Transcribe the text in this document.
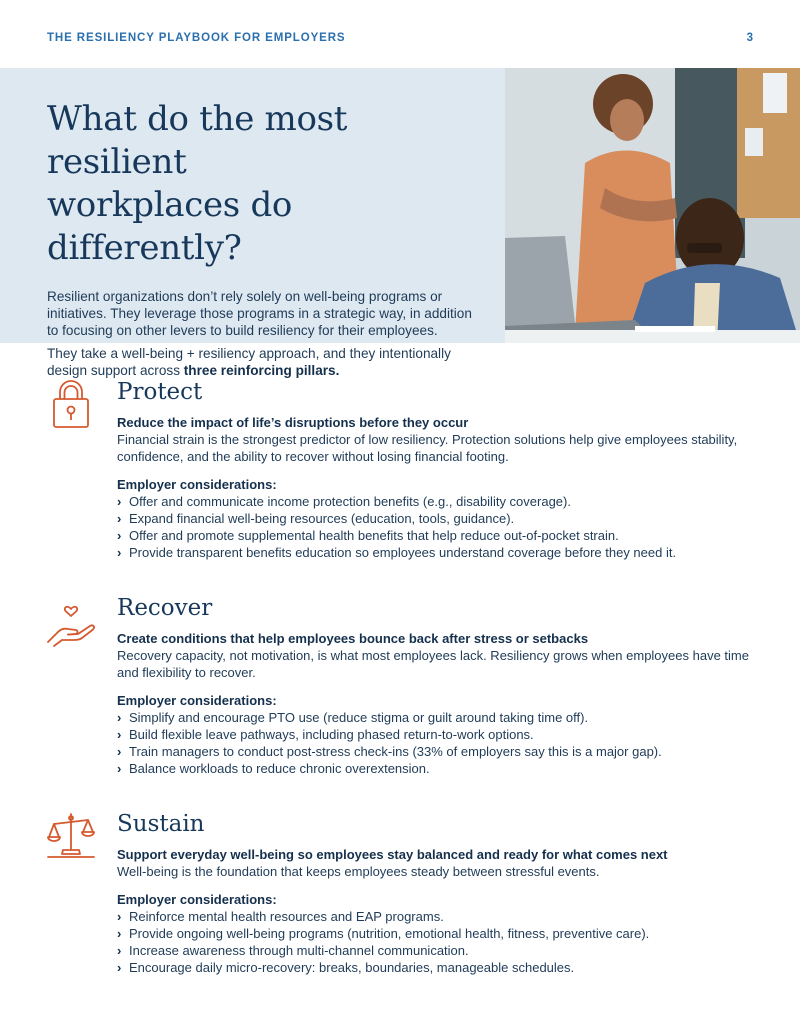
THE RESILIENCY PLAYBOOK FOR EMPLOYERS	3
What do the most resilient
workplaces do differently?

Resilient organizations don’t rely solely on well-being programs or initiatives. They leverage those programs in a strategic way, in addition to focusing on other levers to build resiliency for their employees.

They take a well-being + resiliency approach, and they intentionally design support across three reinforcing pillars.

Protect
Reduce the impact of life’s disruptions before they occur
Financial strain is the strongest predictor of low resiliency. Protection solutions help give employees stability, confidence, and the ability to recover without losing financial footing.
Employer considerations:
› Offer and communicate income protection benefits (e.g., disability coverage).
› Expand financial well-being resources (education, tools, guidance).
› Offer and promote supplemental health benefits that help reduce out-of-pocket strain.
› Provide transparent benefits education so employees understand coverage before they need it.
Recover
Create conditions that help employees bounce back after stress or setbacks
Recovery capacity, not motivation, is what most employees lack. Resiliency grows when employees have time and flexibility to recover.
Employer considerations:
› Simplify and encourage PTO use (reduce stigma or guilt around taking time off).
› Build flexible leave pathways, including phased return-to-work options.
› Train managers to conduct post-stress check-ins (33% of employers say this is a major gap).
› Balance workloads to reduce chronic overextension.
Sustain
Support everyday well-being so employees stay balanced and ready for what comes next
Well-being is the foundation that keeps employees steady between stressful events.
Employer considerations:
› Reinforce mental health resources and EAP programs.
› Provide ongoing well-being programs (nutrition, emotional health, fitness, preventive care).
› Increase awareness through multi-channel communication.
› Encourage daily micro-recovery: breaks, boundaries, manageable schedules.
